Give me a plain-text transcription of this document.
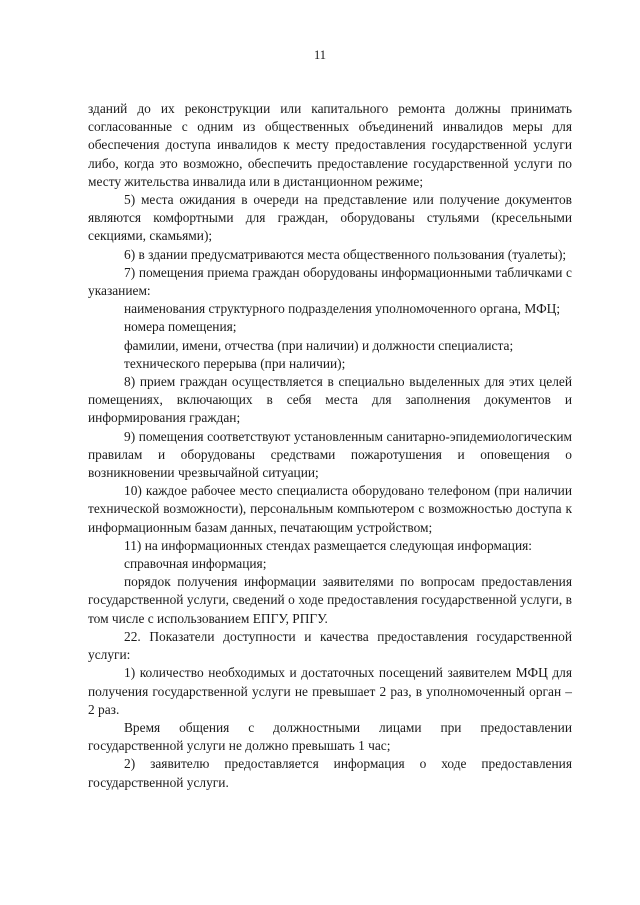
11

зданий до их реконструкции или капитального ремонта должны принимать согласованные с одним из общественных объединений инвалидов меры для обеспечения доступа инвалидов к месту предоставления государственной услуги либо, когда это возможно, обеспечить предоставление государственной услуги по месту жительства инвалида или в дистанционном режиме;

5) места ожидания в очереди на представление или получение документов являются комфортными для граждан, оборудованы стульями (кресельными секциями, скамьями);

6) в здании предусматриваются места общественного пользования (туалеты);

7) помещения приема граждан оборудованы информационными табличками с указанием:

наименования структурного подразделения уполномоченного органа, МФЦ;

номера помещения;

фамилии, имени, отчества (при наличии) и должности специалиста;

технического перерыва (при наличии);

8) прием граждан осуществляется в специально выделенных для этих целей помещениях, включающих в себя места для заполнения документов и информирования граждан;

9) помещения соответствуют установленным санитарно-эпидемиологическим правилам и оборудованы средствами пожаротушения и оповещения о возникновении чрезвычайной ситуации;

10) каждое рабочее место специалиста оборудовано телефоном (при наличии технической возможности), персональным компьютером с возможностью доступа к информационным базам данных, печатающим устройством;

11) на информационных стендах размещается следующая информация:

справочная информация;

порядок получения информации заявителями по вопросам предоставления государственной услуги, сведений о ходе предоставления государственной услуги, в том числе с использованием ЕПГУ, РПГУ.

22. Показатели доступности и качества предоставления государственной услуги:

1) количество необходимых и достаточных посещений заявителем МФЦ для получения государственной услуги не превышает 2 раз, в уполномоченный орган – 2 раз.

Время общения с должностными лицами при предоставлении государственной услуги не должно превышать 1 час;

2) заявителю предоставляется информация о ходе предоставления государственной услуги.
